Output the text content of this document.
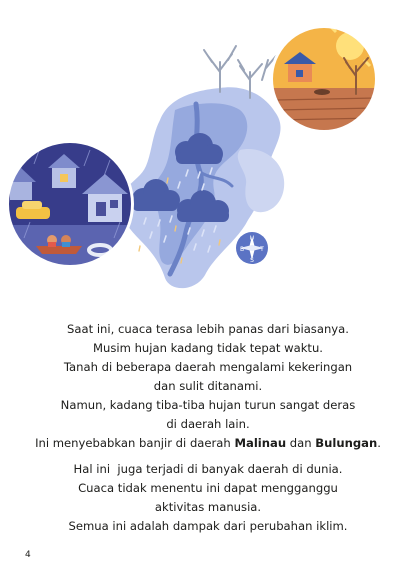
U
S
T
B
Saat ini, cuaca terasa lebih panas dari biasanya.
Musim hujan kadang tidak tepat waktu.
Tanah di beberapa daerah mengalami kekeringan
dan sulit ditanami.
Namun, kadang tiba-tiba hujan turun sangat deras
di daerah lain.
Ini menyebabkan banjir di daerah Malinau dan Bulungan.
Hal ini  juga terjadi di banyak daerah di dunia.
Cuaca tidak menentu ini dapat mengganggu
aktivitas manusia.
Semua ini adalah dampak dari perubahan iklim.
4
